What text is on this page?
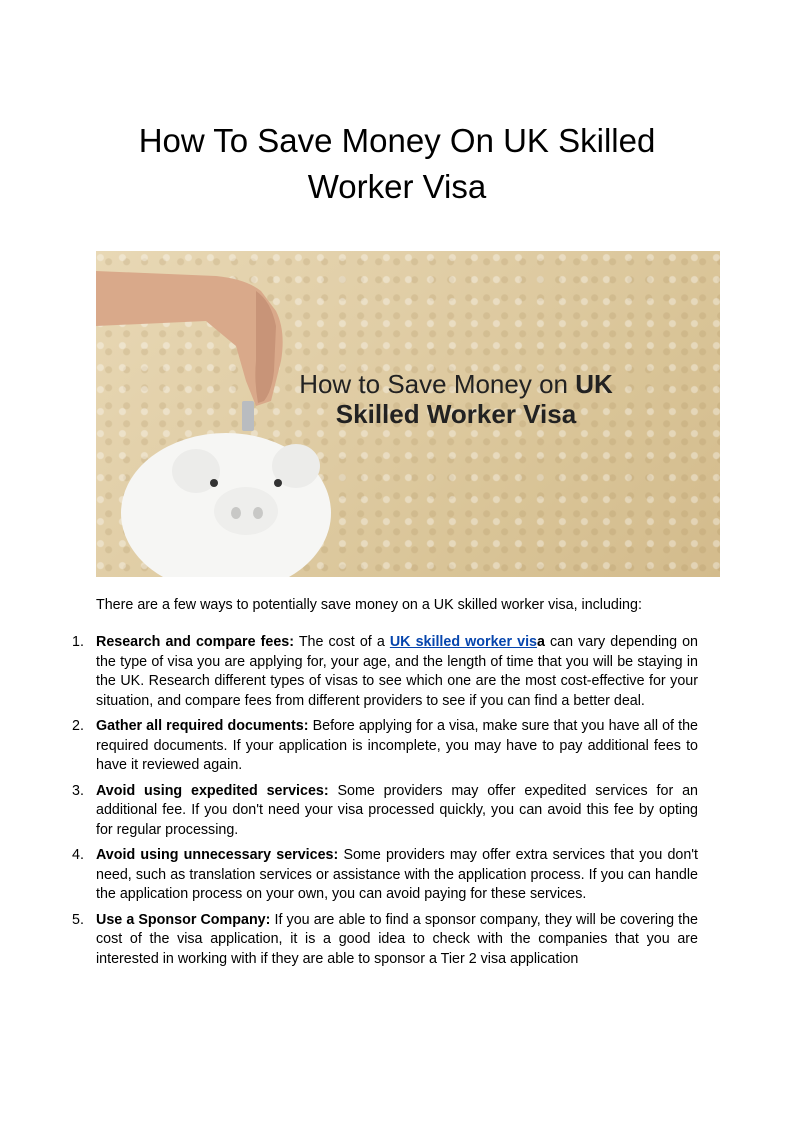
How To Save Money On UK Skilled
Worker Visa
How to Save Money on UK
Skilled Worker Visa

There are a few ways to potentially save money on a UK skilled worker visa, including:

1. Research and compare fees: The cost of a UK skilled worker visa can vary depending on the type of visa you are applying for, your age, and the length of time that you will be staying in the UK. Research different types of visas to see which one are the most cost-effective for your situation, and compare fees from different providers to see if you can find a better deal.
2. Gather all required documents: Before applying for a visa, make sure that you have all of the required documents. If your application is incomplete, you may have to pay additional fees to have it reviewed again.
3. Avoid using expedited services: Some providers may offer expedited services for an additional fee. If you don't need your visa processed quickly, you can avoid this fee by opting for regular processing.
4. Avoid using unnecessary services: Some providers may offer extra services that you don't need, such as translation services or assistance with the application process. If you can handle the application process on your own, you can avoid paying for these services.
5. Use a Sponsor Company: If you are able to find a sponsor company, they will be covering the cost of the visa application, it is a good idea to check with the companies that you are interested in working with if they are able to sponsor a Tier 2 visa application
